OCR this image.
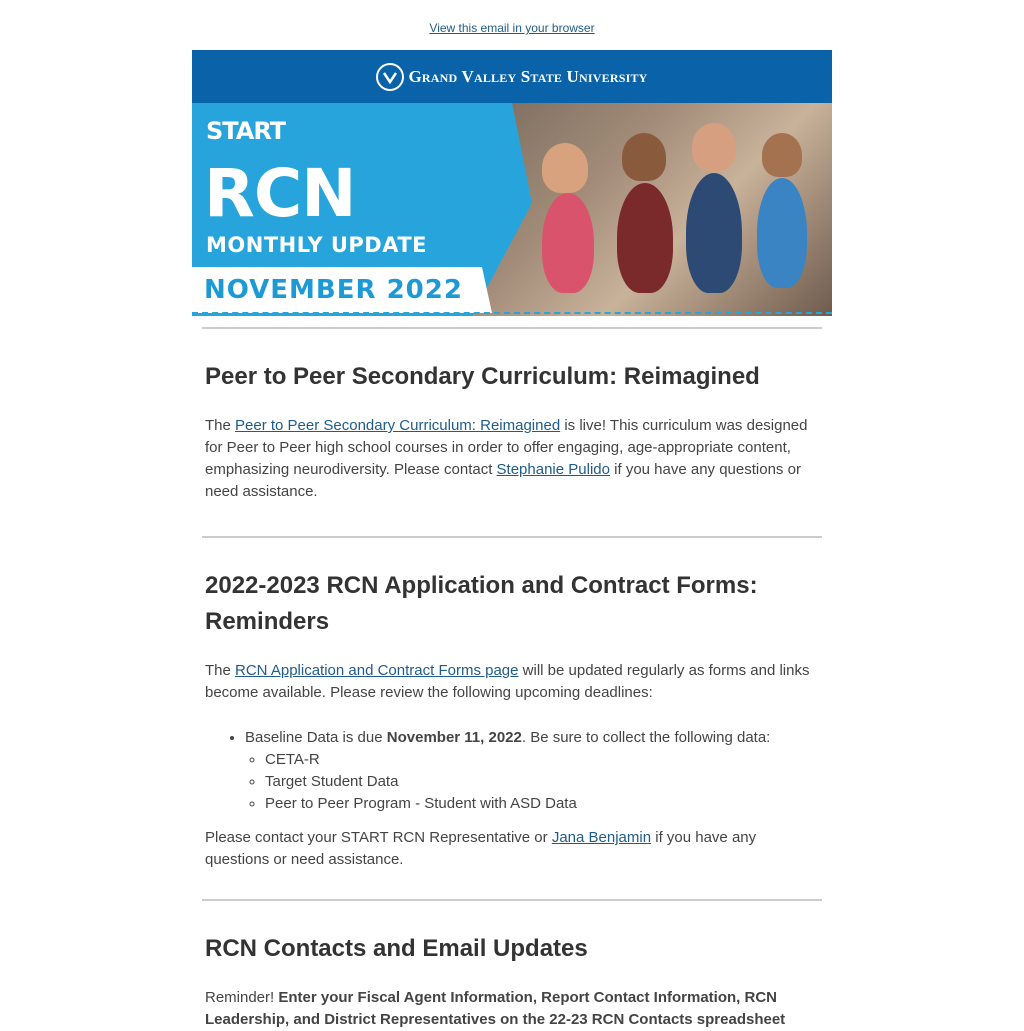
View this email in your browser
Grand Valley State University
START
RCN
MONTHLY UPDATE
NOVEMBER 2022
Peer to Peer Secondary Curriculum: Reimagined

The Peer to Peer Secondary Curriculum: Reimagined is live! This curriculum was designed for Peer to Peer high school courses in order to offer engaging, age-appropriate content, emphasizing neurodiversity. Please contact Stephanie Pulido if you have any questions or need assistance.

2022-2023 RCN Application and Contract Forms: Reminders

The RCN Application and Contract Forms page will be updated regularly as forms and links become available. Please review the following upcoming deadlines:

• Baseline Data is due November 11, 2022. Be sure to collect the following data:
◦ CETA-R
◦ Target Student Data
◦ Peer to Peer Program - Student with ASD Data

Please contact your START RCN Representative or Jana Benjamin if you have any questions or need assistance.

RCN Contacts and Email Updates

Reminder! Enter your Fiscal Agent Information, Report Contact Information, RCN Leadership, and District Representatives on the 22-23 RCN Contacts spreadsheet
